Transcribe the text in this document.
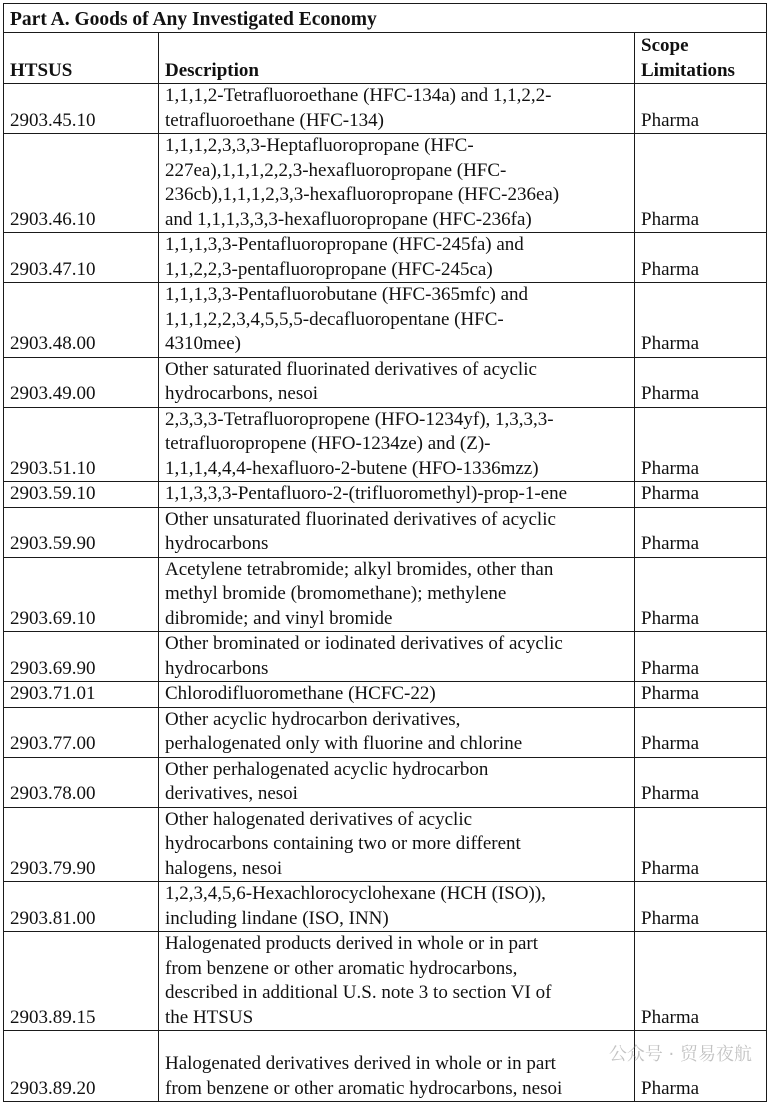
Part A. Goods of Any Investigated Economy		
HTSUS	Description	Scope
Limitations
2903.45.10	1,1,1,2-Tetrafluoroethane (HFC-134a) and 1,1,2,2-
tetrafluoroethane (HFC-134)	Pharma
2903.46.10	1,1,1,2,3,3,3-Heptafluoropropane (HFC-
227ea),1,1,1,2,2,3-hexafluoropropane (HFC-
236cb),1,1,1,2,3,3-hexafluoropropane (HFC-236ea)
and 1,1,1,3,3,3-hexafluoropropane (HFC-236fa)	Pharma
2903.47.10	1,1,1,3,3-Pentafluoropropane (HFC-245fa) and
1,1,2,2,3-pentafluoropropane (HFC-245ca)	Pharma
2903.48.00	1,1,1,3,3-Pentafluorobutane (HFC-365mfc) and
1,1,1,2,2,3,4,5,5,5-decafluoropentane (HFC-
4310mee)	Pharma
2903.49.00	Other saturated fluorinated derivatives of acyclic
hydrocarbons, nesoi	Pharma
2903.51.10	2,3,3,3-Tetrafluoropropene (HFO-1234yf), 1,3,3,3-
tetrafluoropropene (HFO-1234ze) and (Z)-
1,1,1,4,4,4-hexafluoro-2-butene (HFO-1336mzz)	Pharma
2903.59.10	1,1,3,3,3-Pentafluoro-2-(trifluoromethyl)-prop-1-ene	Pharma
2903.59.90	Other unsaturated fluorinated derivatives of acyclic
hydrocarbons	Pharma
2903.69.10	Acetylene tetrabromide; alkyl bromides, other than
methyl bromide (bromomethane); methylene
dibromide; and vinyl bromide	Pharma
2903.69.90	Other brominated or iodinated derivatives of acyclic
hydrocarbons	Pharma
2903.71.01	Chlorodifluoromethane (HCFC-22)	Pharma
2903.77.00	Other acyclic hydrocarbon derivatives,
perhalogenated only with fluorine and chlorine	Pharma
2903.78.00	Other perhalogenated acyclic hydrocarbon
derivatives, nesoi	Pharma
2903.79.90	Other halogenated derivatives of acyclic
hydrocarbons containing two or more different
halogens, nesoi	Pharma
2903.81.00	1,2,3,4,5,6-Hexachlorocyclohexane (HCH (ISO)),
including lindane (ISO, INN)	Pharma
2903.89.15	Halogenated products derived in whole or in part
from benzene or other aromatic hydrocarbons,
described in additional U.S. note 3 to section VI of
the HTSUS	Pharma
2903.89.20	Halogenated derivatives derived in whole or in part
from benzene or other aromatic hydrocarbons, nesoi	Pharma
公众号 · 贸易夜航
